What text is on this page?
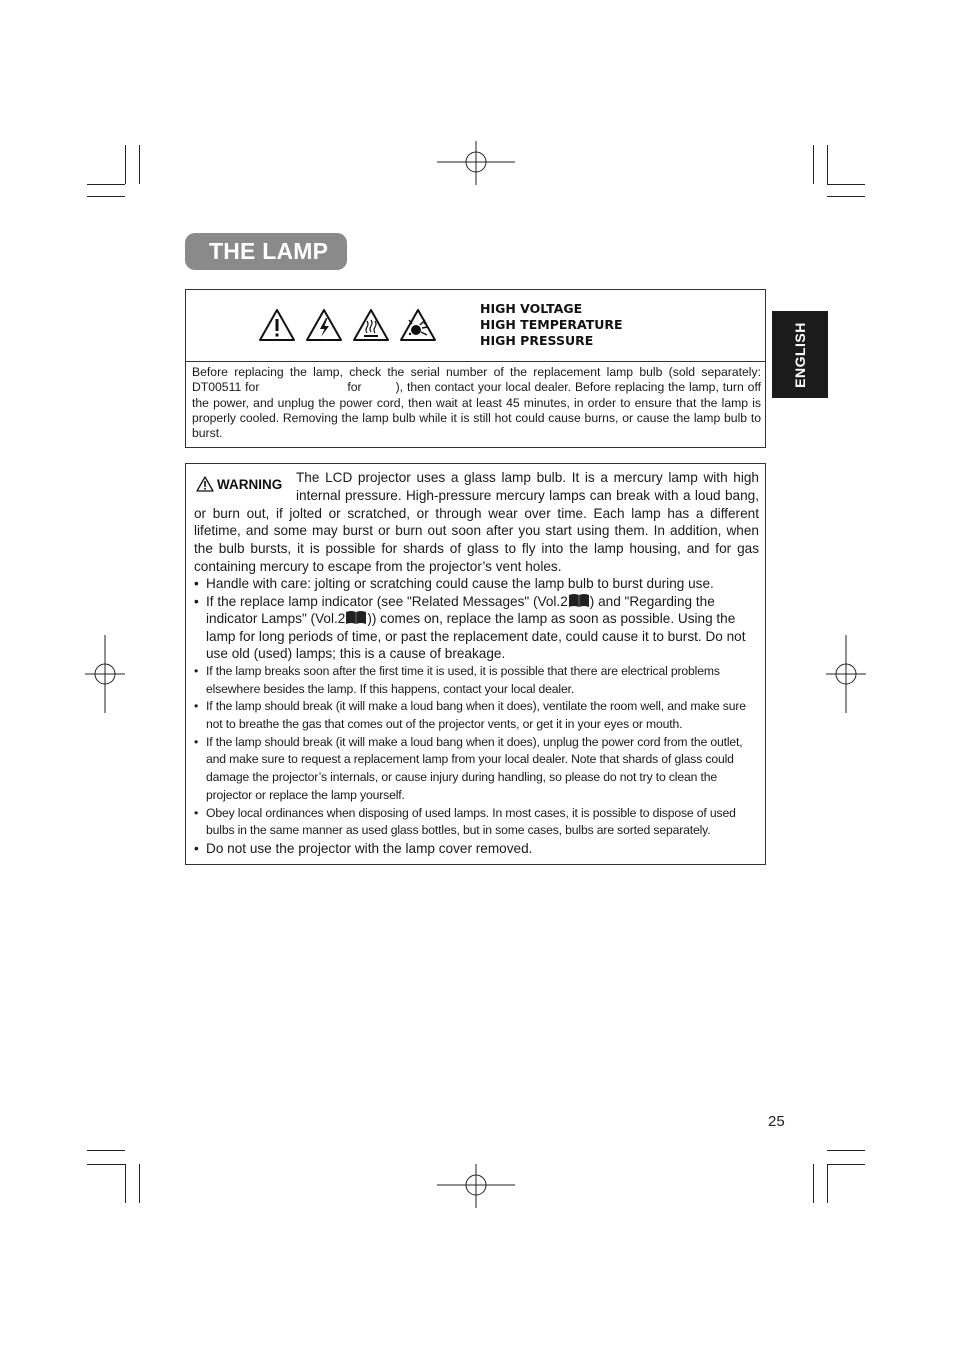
THE LAMP
ENGLISH
HIGH VOLTAGE
HIGH TEMPERATURE
HIGH PRESSURE
Before replacing the lamp, check the serial number of the replacement lamp bulb (sold separately: DT00511 for	for	), then contact your local dealer. Before replacing the lamp, turn off the power, and unplug the power cord, then wait at least 45 minutes, in order to ensure that the lamp is properly cooled. Removing the lamp bulb while it is still hot could cause burns, or cause the lamp bulb to burst.
WARNING	The LCD projector uses a glass lamp bulb. It is a mercury lamp with high internal pressure. High-pressure mercury lamps can break with a loud bang, or burn out, if jolted or scratched, or through wear over time. Each lamp has a different lifetime, and some may burst or burn out soon after you start using them. In addition, when the bulb bursts, it is possible for shards of glass to fly into the lamp housing, and for gas containing mercury to escape from the projector’s vent holes.
• Handle with care: jolting or scratching could cause the lamp bulb to burst during use.
• If the replace lamp indicator (see "Related Messages" (Vol.2 ) and "Regarding the indicator Lamps" (Vol.2 )) comes on, replace the lamp as soon as possible. Using the lamp for long periods of time, or past the replacement date, could cause it to burst. Do not use old (used) lamps; this is a cause of breakage.
• If the lamp breaks soon after the first time it is used, it is possible that there are electrical problems elsewhere besides the lamp. If this happens, contact your local dealer.
• If the lamp should break (it will make a loud bang when it does), ventilate the room well, and make sure not to breathe the gas that comes out of the projector vents, or get it in your eyes or mouth.
• If the lamp should break (it will make a loud bang when it does), unplug the power cord from the outlet, and make sure to request a replacement lamp from your local dealer. Note that shards of glass could damage the projector’s internals, or cause injury during handling, so please do not try to clean the projector or replace the lamp yourself.
• Obey local ordinances when disposing of used lamps. In most cases, it is possible to dispose of used bulbs in the same manner as used glass bottles, but in some cases, bulbs are sorted separately.
• Do not use the projector with the lamp cover removed.
25
